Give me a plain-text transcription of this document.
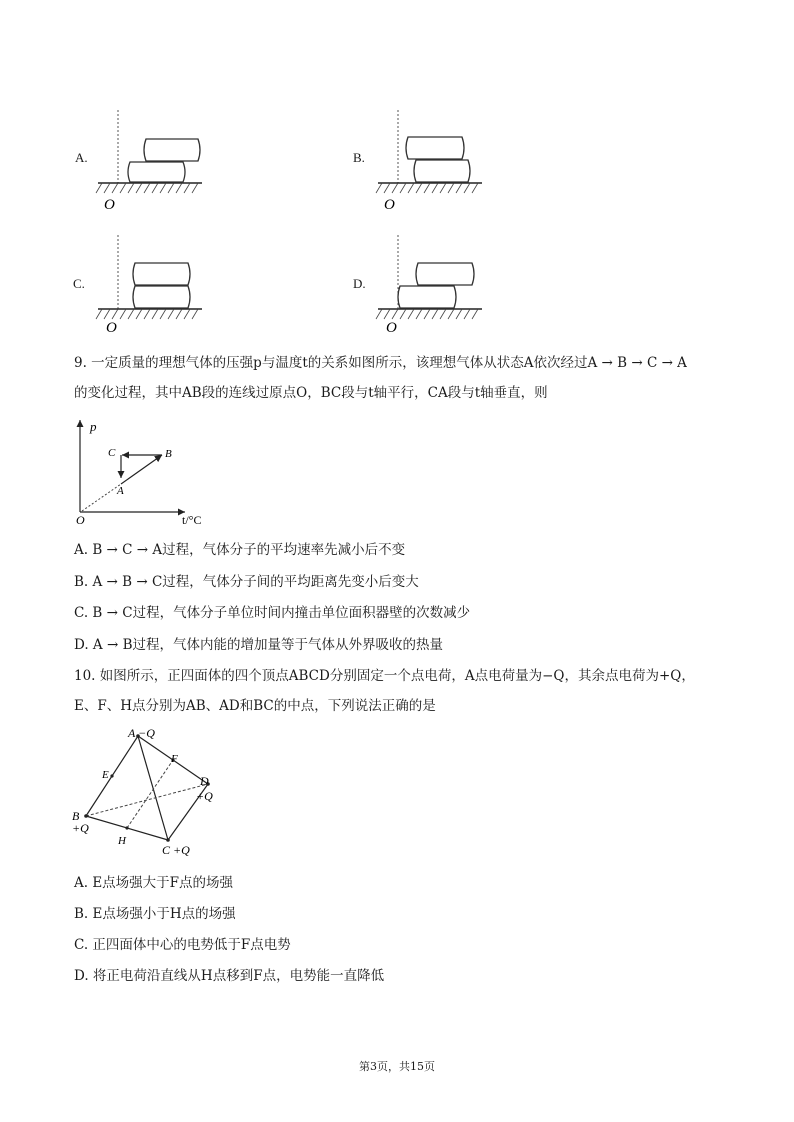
A.
O
B.
O
C.
O
D.
O
9. 一定质量的理想气体的压强p与温度t的关系如图所示，该理想气体从状态A依次经过A → B → C → A
的变化过程，其中AB段的连线过原点O，BC段与t轴平行，CA段与t轴垂直，则
p
t/°C
O
C	B
A
A. B → C → A过程，气体分子的平均速率先减小后不变
B. A → B → C过程，气体分子间的平均距离先变小后变大
C. B → C过程，气体分子单位时间内撞击单位面积器壁的次数减少
D. A → B过程，气体内能的增加量等于气体从外界吸收的热量
10. 如图所示，正四面体的四个顶点ABCD分别固定一个点电荷，A点电荷量为−Q，其余点电荷为+Q，
E、F、H点分别为AB、AD和BC的中点，下列说法正确的是
A −Q
B
+Q
C +Q
D
+Q
E
F
H
A. E点场强大于F点的场强
B. E点场强小于H点的场强
C. 正四面体中心的电势低于F点电势
D. 将正电荷沿直线从H点移到F点，电势能一直降低
第3页，共15页
